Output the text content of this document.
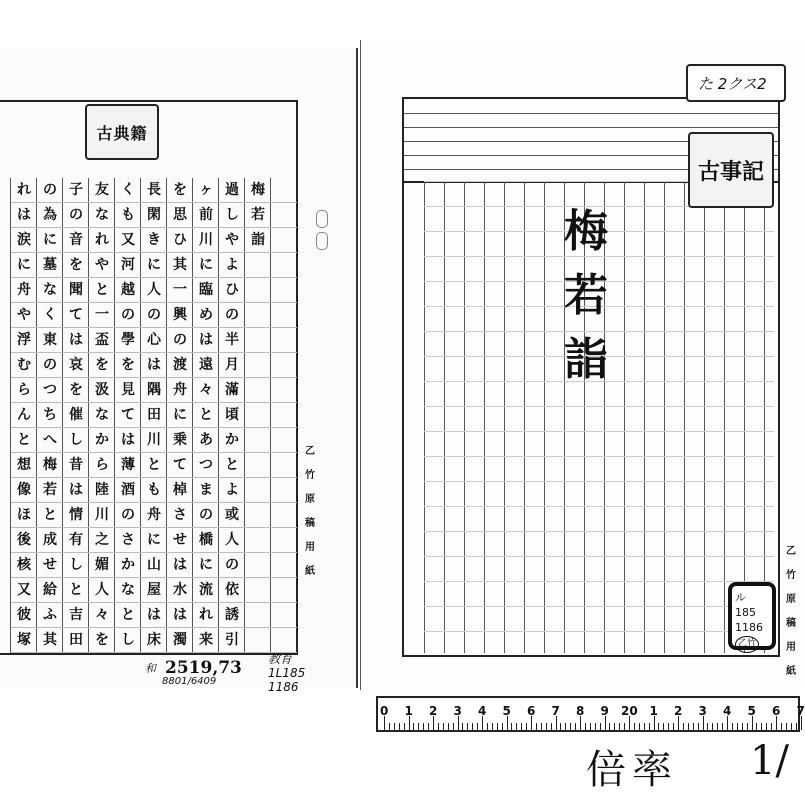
古典籍
梅
若
詣
過
し
や
よ
ひ
の
半
月
滿
頃
か
と
よ
或
人
の
依
誘
引
ヶ
前
川
に
臨
め
は
遠
々
と
あ
つ
ま
の
橋
に
流
れ
来
を
思
ひ
其
一
興
の
渡
舟
に
乗
て
棹
さ
せ
は
水
は
濁
長
閑
き
に
人
の
心
は
隅
田
川
と
も
舟
に
山
屋
は
床
く
も
又
河
越
の
學
を
見
て
は
薄
酒
の
さ
か
な
と
し
友
な
れ
や
と
一
盃
を
汲
な
か
ら
陸
川
之
媚
人
々
を
子
の
音
を
聞
て
は
哀
を
催
し
昔
は
情
有
し
と
吉
田
の
為
に
墓
な
く
東
の
つ
ち
へ
梅
若
と
成
せ
給
ふ
其
れ
は
涙
に
舟
や
浮
む
ら
ん
と
想
像
ほ
後
核
又
彼
塚
乙
竹
原
稿
用
紙
た 2クス2
古事記
梅
若
詣
乙
竹
原
稿
用
紙
ル 185
1186
乙竹
和 2519,73
8801/6409
教育
1L185
1186
0 1 2 3 4 5 6 7 8 9 20 1 2 3 4 5 6 7
倍率 1/
